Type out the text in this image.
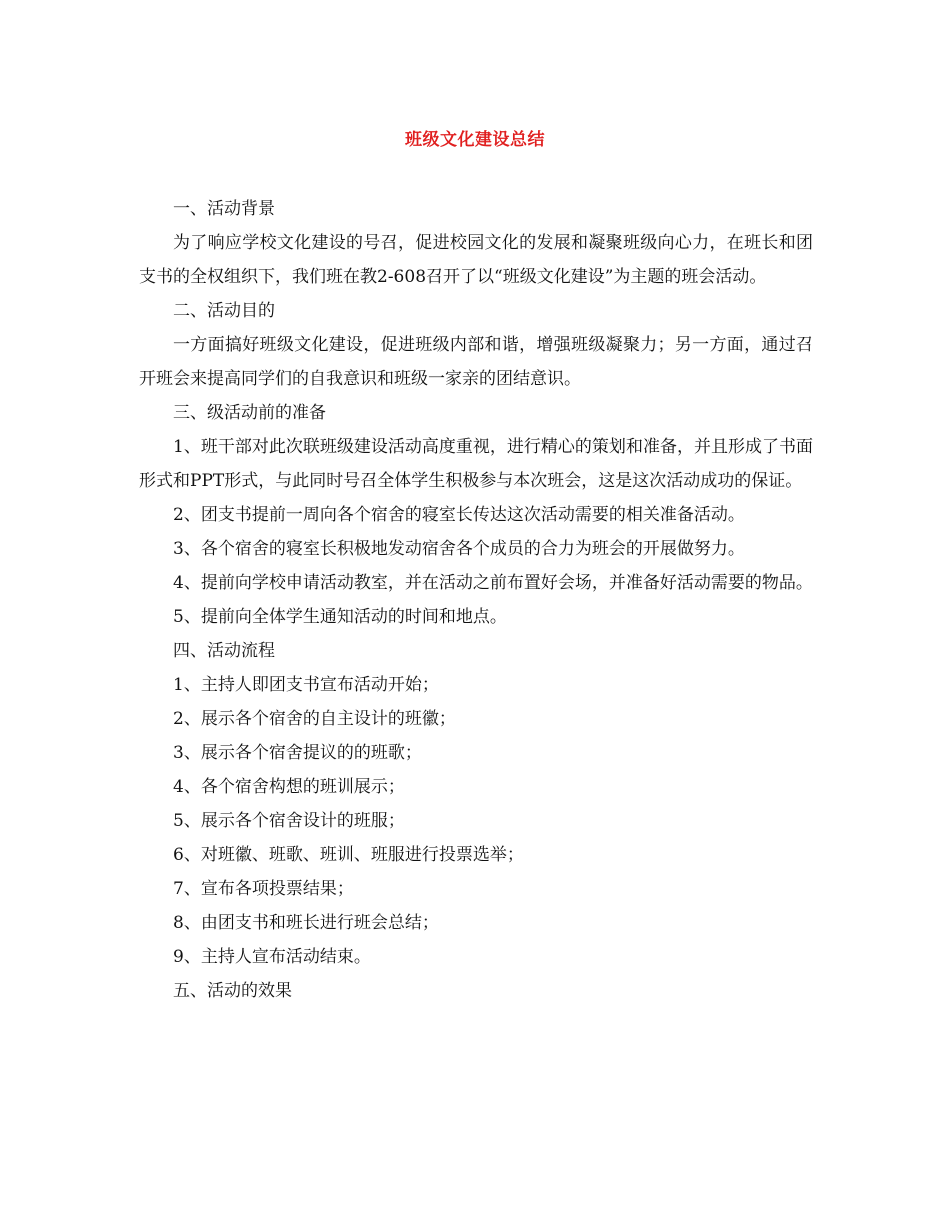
班级文化建设总结

一、活动背景

为了响应学校文化建设的号召，促进校园文化的发展和凝聚班级向心力，在班长和团支书的全权组织下，我们班在教2-608召开了以“班级文化建设”为主题的班会活动。

二、活动目的

一方面搞好班级文化建设，促进班级内部和谐，增强班级凝聚力；另一方面，通过召开班会来提高同学们的自我意识和班级一家亲的团结意识。

三、级活动前的准备

1、班干部对此次联班级建设活动高度重视，进行精心的策划和准备，并且形成了书面形式和PPT形式，与此同时号召全体学生积极参与本次班会，这是这次活动成功的保证。

2、团支书提前一周向各个宿舍的寝室长传达这次活动需要的相关准备活动。

3、各个宿舍的寝室长积极地发动宿舍各个成员的合力为班会的开展做努力。

4、提前向学校申请活动教室，并在活动之前布置好会场，并准备好活动需要的物品。

5、提前向全体学生通知活动的时间和地点。

四、活动流程

1、主持人即团支书宣布活动开始；

2、展示各个宿舍的自主设计的班徽；

3、展示各个宿舍提议的的班歌；

4、各个宿舍构想的班训展示；

5、展示各个宿舍设计的班服；

6、对班徽、班歌、班训、班服进行投票选举；

7、宣布各项投票结果；

8、由团支书和班长进行班会总结；

9、主持人宣布活动结束。

五、活动的效果
